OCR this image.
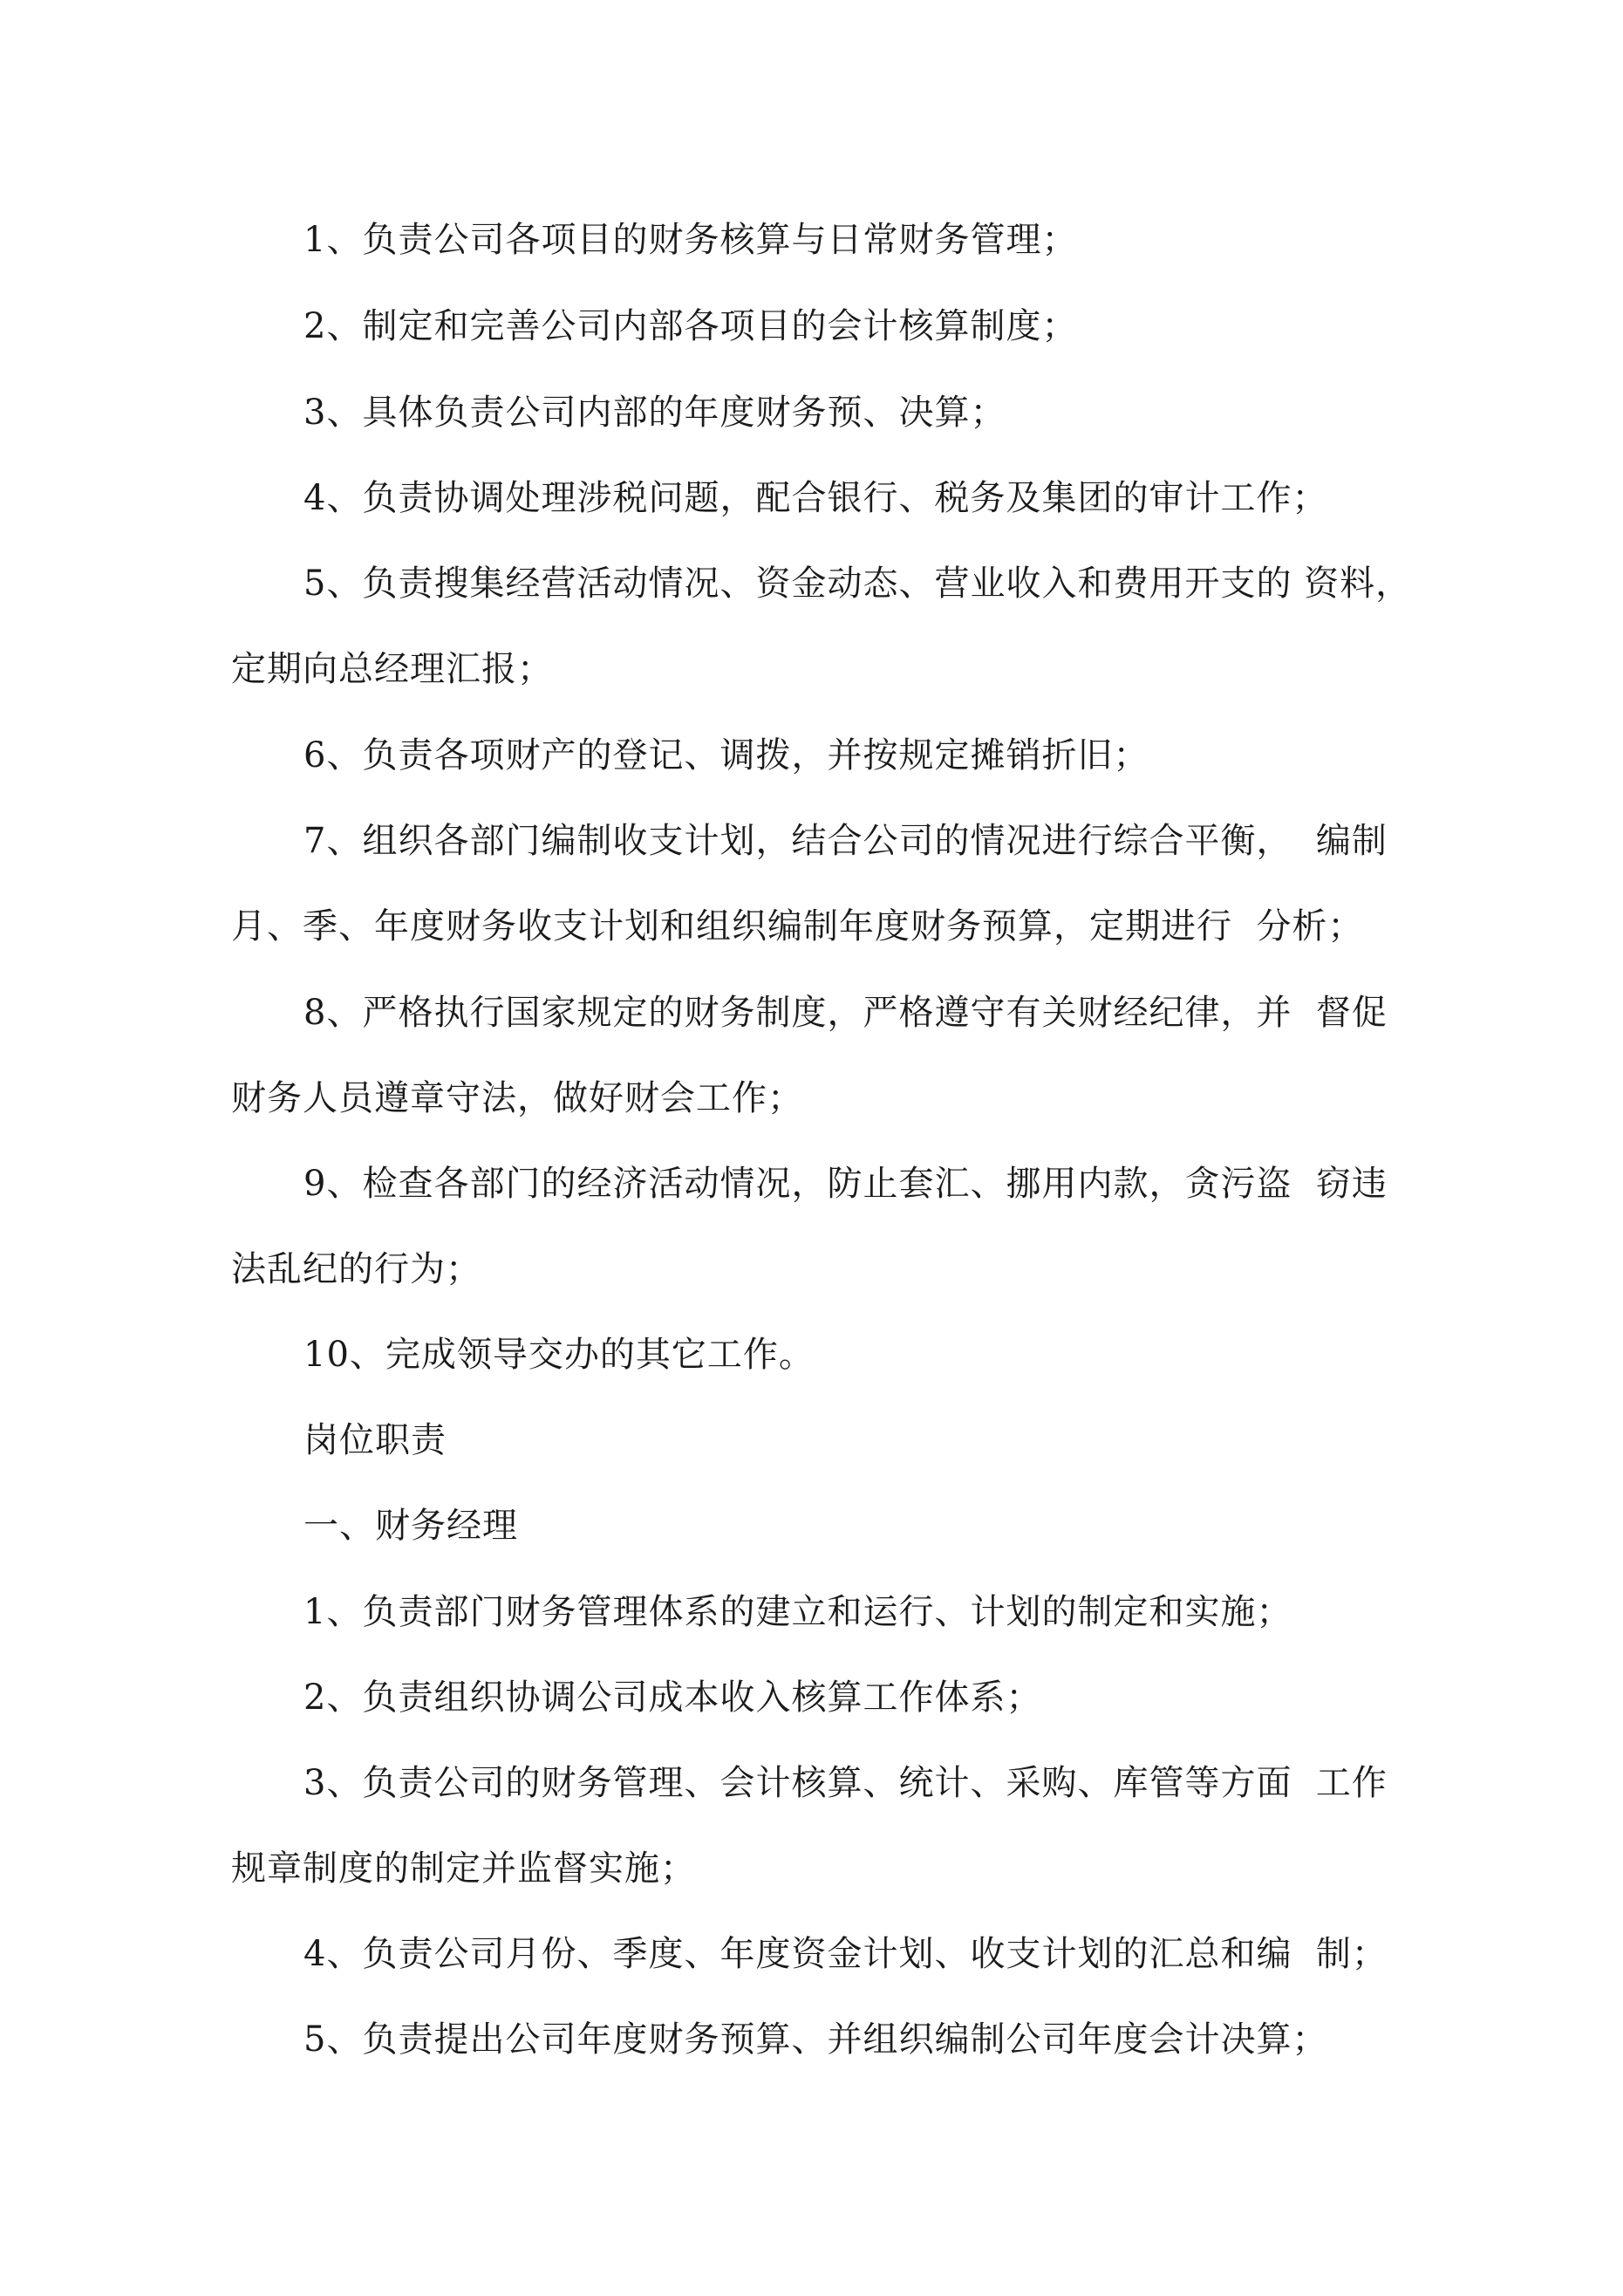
1、负责公司各项目的财务核算与日常财务管理；
2、制定和完善公司内部各项目的会计核算制度；
3、具体负责公司内部的年度财务预、决算；
4、负责协调处理涉税问题，配合银行、税务及集团的审计工作；
5、负责搜集经营活动情况、资金动态、营业收入和费用开支的 资料，
定期向总经理汇报；
6、负责各项财产的登记、调拨，并按规定摊销折旧；
7、组织各部门编制收支计划，结合公司的情况进行综合平衡，  编制
月、季、年度财务收支计划和组织编制年度财务预算，定期进行  分析；
8、严格执行国家规定的财务制度，严格遵守有关财经纪律，并  督促
财务人员遵章守法，做好财会工作；
9、检查各部门的经济活动情况，防止套汇、挪用内款，贪污盗  窃违
法乱纪的行为；
10、完成领导交办的其它工作。
岗位职责
一、财务经理
1、负责部门财务管理体系的建立和运行、计划的制定和实施；
2、负责组织协调公司成本收入核算工作体系；
3、负责公司的财务管理、会计核算、统计、采购、库管等方面  工作
规章制度的制定并监督实施；
4、负责公司月份、季度、年度资金计划、收支计划的汇总和编  制；
5、负责提出公司年度财务预算、并组织编制公司年度会计决算；
